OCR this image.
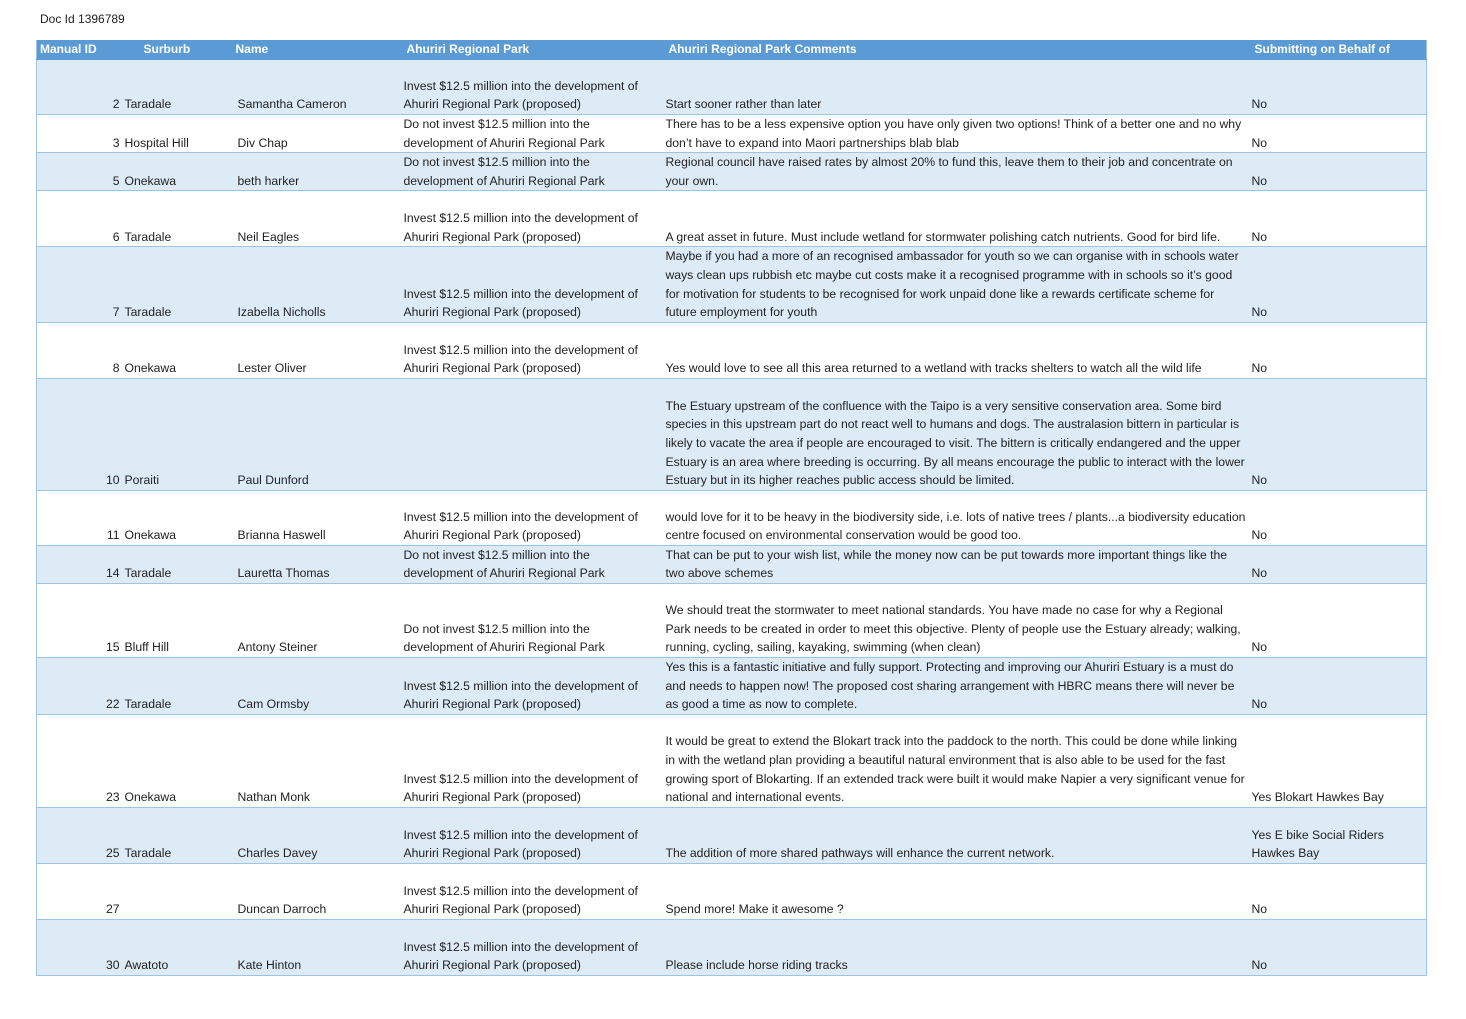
Doc Id 1396789
Manual ID	Surburb	Name	Ahuriri Regional Park	Ahuriri Regional Park Comments	Submitting on Behalf of
2	Taradale	Samantha Cameron	Invest $12.5 million into the development of Ahuriri Regional Park (proposed)	Start sooner rather than later	No
3	Hospital Hill	Div Chap	Do not invest $12.5 million into the development of Ahuriri Regional Park	There has to be a less expensive option you have only given two options! Think of a better one and no why don’t have to expand into Maori partnerships blab blab	No
5	Onekawa	beth harker	Do not invest $12.5 million into the development of Ahuriri Regional Park	Regional council have raised rates by almost 20% to fund this, leave them to their job and concentrate on your own.	No
6	Taradale	Neil Eagles	Invest $12.5 million into the development of Ahuriri Regional Park (proposed)	A great asset in future. Must include wetland for stormwater polishing catch nutrients. Good for bird life.	No
7	Taradale	Izabella Nicholls	Invest $12.5 million into the development of Ahuriri Regional Park (proposed)	Maybe if you had a more of an recognised ambassador for youth so we can organise with in schools water ways clean ups rubbish etc maybe cut costs make it a recognised programme with in schools so it’s good for motivation for students to be recognised for work unpaid done like a rewards certificate scheme for future employment for youth	No
8	Onekawa	Lester Oliver	Invest $12.5 million into the development of Ahuriri Regional Park (proposed)	Yes would love to see all this area returned to a wetland with tracks shelters to watch all the wild life	No
10	Poraiti	Paul Dunford		The Estuary upstream of the confluence with the Taipo is a very sensitive conservation area. Some bird species in this upstream part do not react well to humans and dogs. The australasion bittern in particular is likely to vacate the area if people are encouraged to visit. The bittern is critically endangered and the upper Estuary is an area where breeding is occurring. By all means encourage the public to interact with the lower Estuary but in its higher reaches public access should be limited.	No
11	Onekawa	Brianna Haswell	Invest $12.5 million into the development of Ahuriri Regional Park (proposed)	would love for it to be heavy in the biodiversity side, i.e. lots of native trees / plants...a biodiversity education centre focused on environmental conservation would be good too.	No
14	Taradale	Lauretta Thomas	Do not invest $12.5 million into the development of Ahuriri Regional Park	That can be put to your wish list, while the money now can be put towards more important things like the two above schemes	No
15	Bluff Hill	Antony Steiner	Do not invest $12.5 million into the development of Ahuriri Regional Park	We should treat the stormwater to meet national standards. You have made no case for why a Regional Park needs to be created in order to meet this objective. Plenty of people use the Estuary already; walking, running, cycling, sailing, kayaking, swimming (when clean)	No
22	Taradale	Cam Ormsby	Invest $12.5 million into the development of Ahuriri Regional Park (proposed)	Yes this is a fantastic initiative and fully support. Protecting and improving our Ahuriri Estuary is a must do and needs to happen now! The proposed cost sharing arrangement with HBRC means there will never be as good a time as now to complete.	No
23	Onekawa	Nathan Monk	Invest $12.5 million into the development of Ahuriri Regional Park (proposed)	It would be great to extend the Blokart track into the paddock to the north. This could be done while linking in with the wetland plan providing a beautiful natural environment that is also able to be used for the fast growing sport of Blokarting. If an extended track were built it would make Napier a very significant venue for national and international events.	Yes Blokart Hawkes Bay
25	Taradale	Charles Davey	Invest $12.5 million into the development of Ahuriri Regional Park (proposed)	The addition of more shared pathways will enhance the current network.	Yes E bike Social Riders Hawkes Bay
27		Duncan Darroch	Invest $12.5 million into the development of Ahuriri Regional Park (proposed)	Spend more! Make it awesome ?	No
30	Awatoto	Kate Hinton	Invest $12.5 million into the development of Ahuriri Regional Park (proposed)	Please include horse riding tracks	No
